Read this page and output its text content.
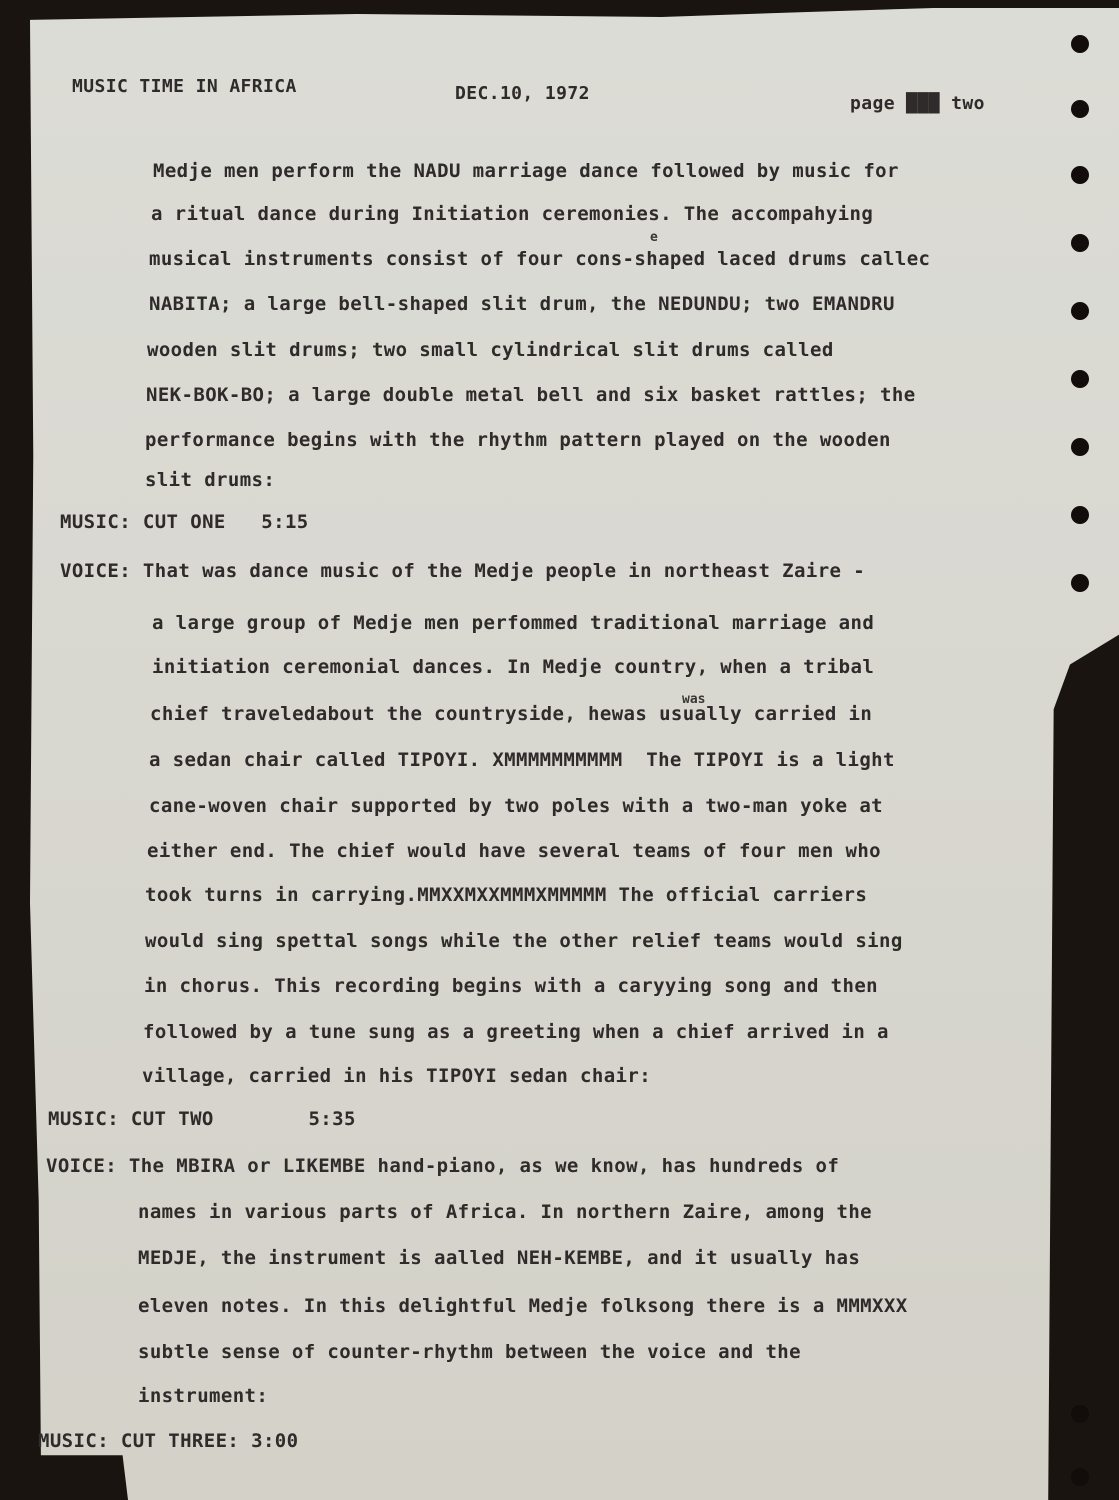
MUSIC TIME IN AFRICA	DEC.10, 1972	page ███ two

e
was

Medje men perform the NADU marriage dance followed by music for

a ritual dance during Initiation ceremonies. The accompahying

musical instruments consist of four cons-shaped laced drums callec

NABITA; a large bell-shaped slit drum, the NEDUNDU; two EMANDRU

wooden slit drums; two small cylindrical slit drums called

NEK-BOK-BO; a large double metal bell and six basket rattles; the

performance begins with the rhythm pattern played on the wooden

slit drums:

MUSIC: CUT ONE   5:15

VOICE: That was dance music of the Medje people in northeast Zaire -

a large group of Medje men perfommed traditional marriage and

initiation ceremonial dances. In Medje country, when a tribal

chief traveledabout the countryside, hewas usually carried in

a sedan chair called TIPOYI. XMMMMMMMMMM  The TIPOYI is a light

cane-woven chair supported by two poles with a two-man yoke at

either end. The chief would have several teams of four men who

took turns in carrying.MMXXMXXMMMXMMMMM The official carriers

would sing spettal songs while the other relief teams would sing

in chorus. This recording begins with a caryying song and then

followed by a tune sung as a greeting when a chief arrived in a

village, carried in his TIPOYI sedan chair:

MUSIC: CUT TWO        5:35

VOICE: The MBIRA or LIKEMBE hand-piano, as we know, has hundreds of

names in various parts of Africa. In northern Zaire, among the

MEDJE, the instrument is aalled NEH-KEMBE, and it usually has

eleven notes. In this delightful Medje folksong there is a MMMXXX

subtle sense of counter-rhythm between the voice and the

instrument:

MUSIC: CUT THREE: 3:00
